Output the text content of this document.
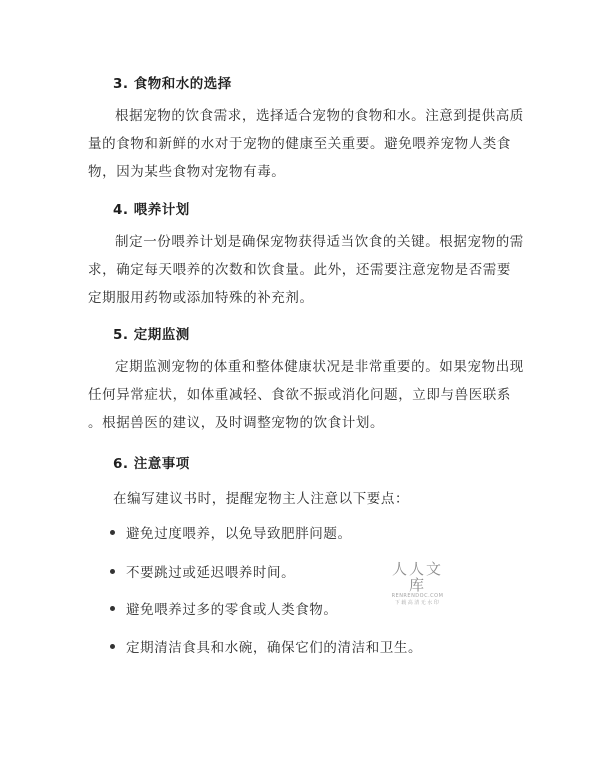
3. 食物和水的选择
根据宠物的饮食需求，选择适合宠物的食物和水。注意到提供高质
量的食物和新鲜的水对于宠物的健康至关重要。避免喂养宠物人类食
物，因为某些食物对宠物有毒。
4. 喂养计划
制定一份喂养计划是确保宠物获得适当饮食的关键。根据宠物的需
求，确定每天喂养的次数和饮食量。此外，还需要注意宠物是否需要
定期服用药物或添加特殊的补充剂。
5. 定期监测
定期监测宠物的体重和整体健康状况是非常重要的。如果宠物出现
任何异常症状，如体重减轻、食欲不振或消化问题，立即与兽医联系
。根据兽医的建议，及时调整宠物的饮食计划。
6. 注意事项
在编写建议书时，提醒宠物主人注意以下要点：
避免过度喂养，以免导致肥胖问题。
不要跳过或延迟喂养时间。
避免喂养过多的零食或人类食物。
定期清洁食具和水碗，确保它们的清洁和卫生。
人人文库
RENRENDOC.COM
下载高清无水印
